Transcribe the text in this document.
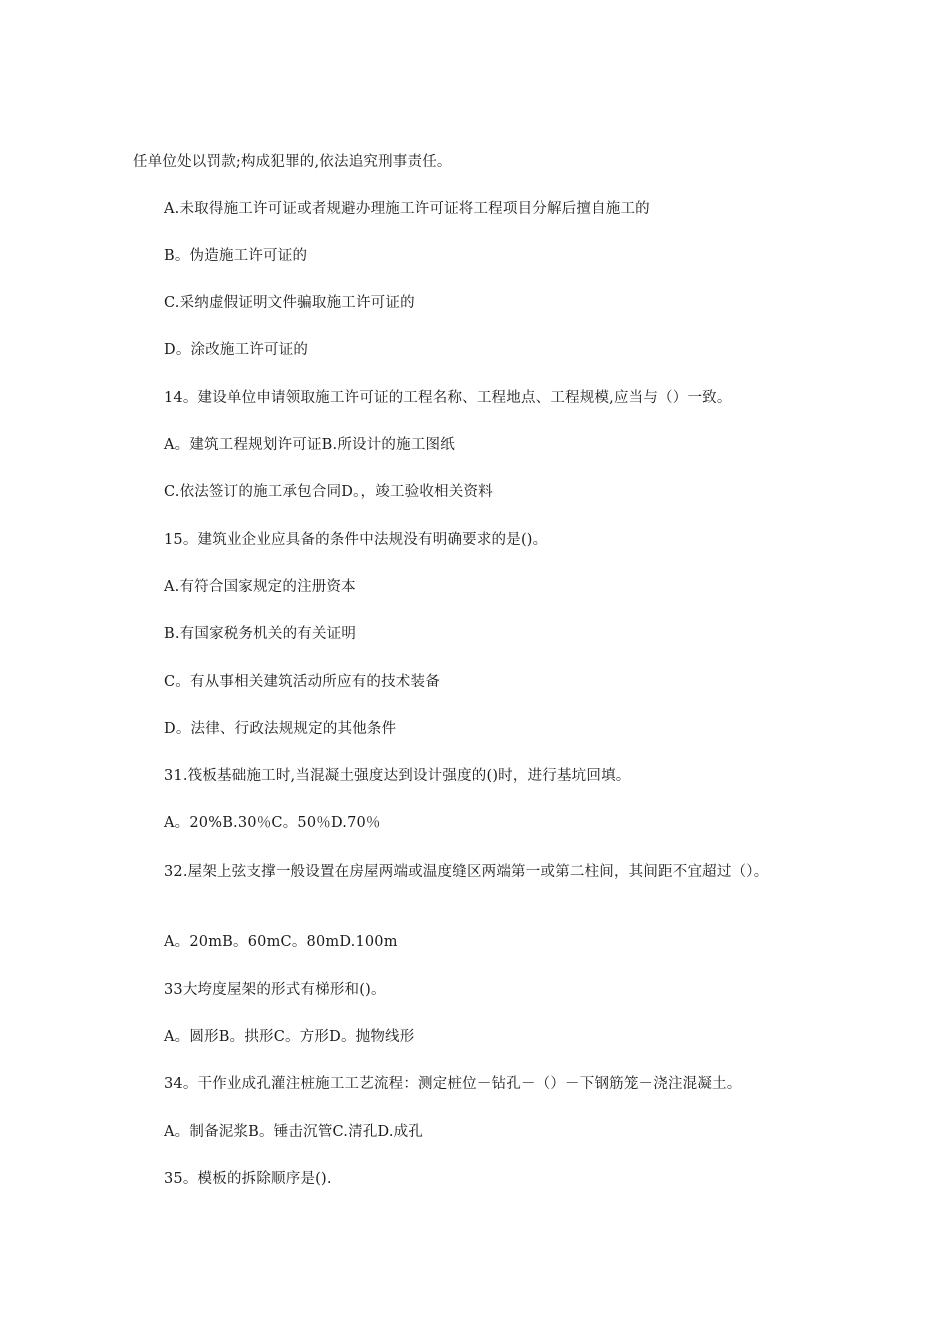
任单位处以罚款;构成犯罪的,依法追究刑事责任。
A.未取得施工许可证或者规避办理施工许可证将工程项目分解后擅自施工的
B。伪造施工许可证的
C.采纳虚假证明文件骗取施工许可证的
D。涂改施工许可证的
14。建设单位申请领取施工许可证的工程名称、工程地点、工程规模,应当与（）一致。
A。建筑工程规划许可证B.所设计的施工图纸
C.依法签订的施工承包合同D。，竣工验收相关资料
15。建筑业企业应具备的条件中法规没有明确要求的是()。
A.有符合国家规定的注册资本
B.有国家税务机关的有关证明
C。有从事相关建筑活动所应有的技术装备
D。法律、行政法规规定的其他条件
31.筏板基础施工时,当混凝土强度达到设计强度的()时，进行基坑回填。
A。20%B.30％C。50％D.70％
32.屋架上弦支撑一般设置在房屋两端或温度缝区两端第一或第二柱间，其间距不宜超过（）。
A。20mB。60mC。80mD.100m
33大垮度屋架的形式有梯形和()。
A。圆形B。拱形C。方形D。抛物线形
34。干作业成孔灌注桩施工工艺流程：测定桩位－钻孔－（）－下钢筋笼－浇注混凝土。
A。制备泥浆B。锤击沉管C.清孔D.成孔
35。模板的拆除顺序是().
